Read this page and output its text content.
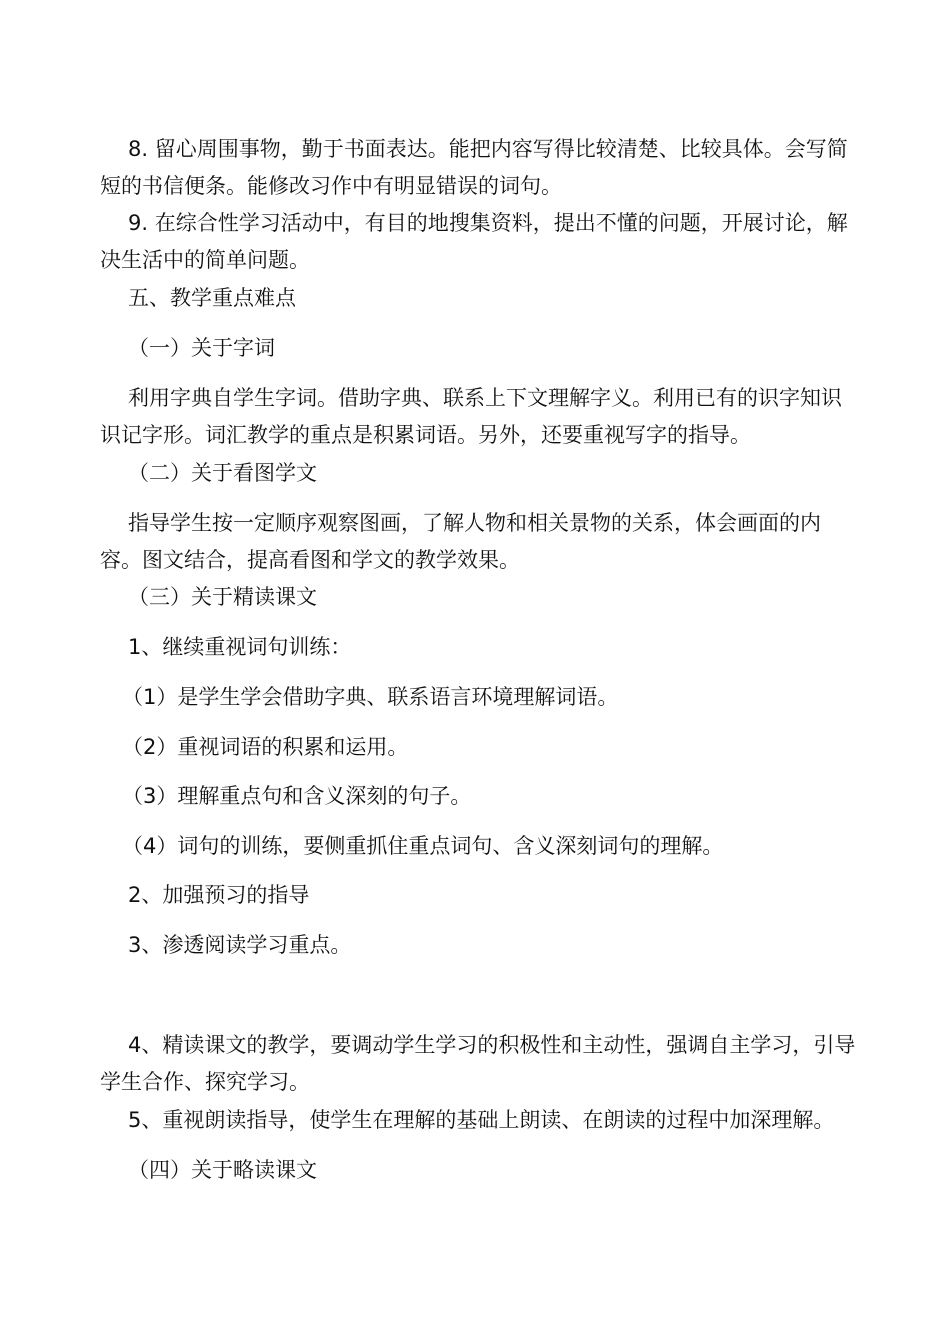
8. 留心周围事物，勤于书面表达。能把内容写得比较清楚、比较具体。会写简短的书信便条。能修改习作中有明显错误的词句。

9. 在综合性学习活动中，有目的地搜集资料，提出不懂的问题，开展讨论，解决生活中的简单问题。

五、教学重点难点

（一）关于字词

利用字典自学生字词。借助字典、联系上下文理解字义。利用已有的识字知识识记字形。词汇教学的重点是积累词语。另外，还要重视写字的指导。

（二）关于看图学文

指导学生按一定顺序观察图画，了解人物和相关景物的关系，体会画面的内容。图文结合，提高看图和学文的教学效果。

（三）关于精读课文

1、继续重视词句训练：

（1）是学生学会借助字典、联系语言环境理解词语。

（2）重视词语的积累和运用。

（3）理解重点句和含义深刻的句子。

（4）词句的训练，要侧重抓住重点词句、含义深刻词句的理解。

2、加强预习的指导

3、渗透阅读学习重点。

4、精读课文的教学，要调动学生学习的积极性和主动性，强调自主学习，引导学生合作、探究学习。

5、重视朗读指导，使学生在理解的基础上朗读、在朗读的过程中加深理解。

（四）关于略读课文
